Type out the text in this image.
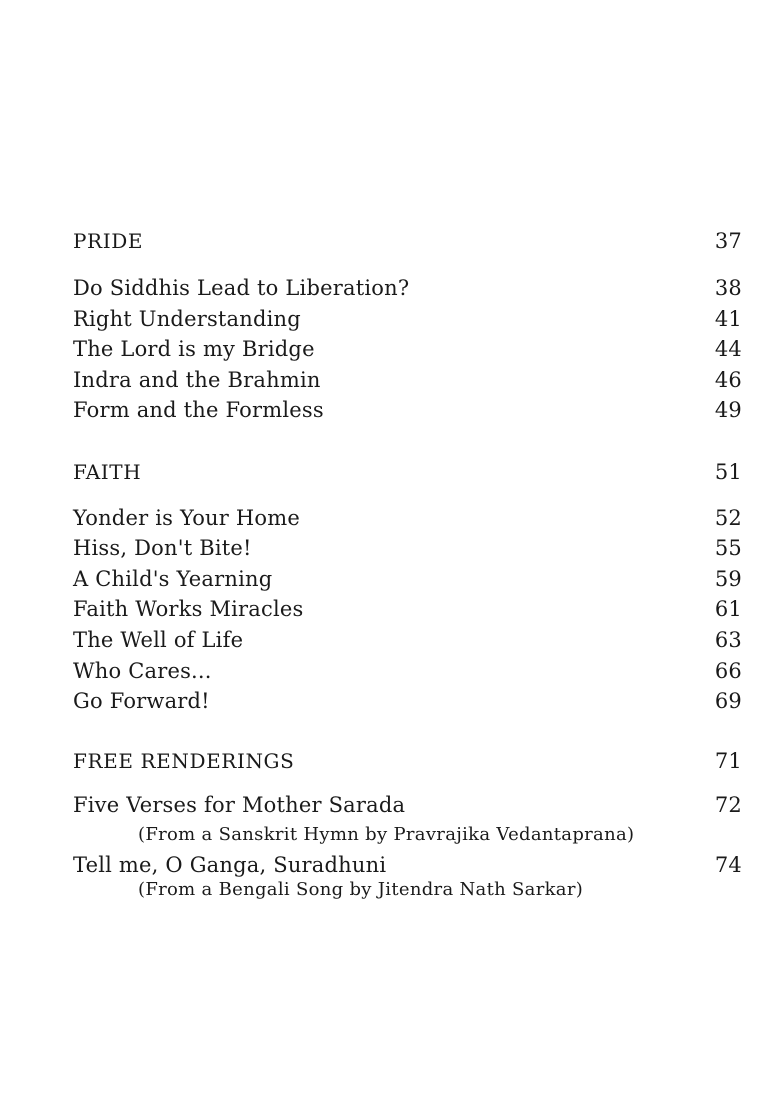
PRIDE	37
Do Siddhis Lead to Liberation?	38
Right Understanding	41
The Lord is my Bridge	44
Indra and the Brahmin	46
Form and the Formless	49
FAITH	51
Yonder is Your Home	52
Hiss, Don't Bite!	55
A Child's Yearning	59
Faith Works Miracles	61
The Well of Life	63
Who Cares...	66
Go Forward!	69
FREE RENDERINGS	71
Five Verses for Mother Sarada	72
(From a Sanskrit Hymn by Pravrajika Vedantaprana)
Tell me, O Ganga, Suradhuni	74
(From a Bengali Song by Jitendra Nath Sarkar)
